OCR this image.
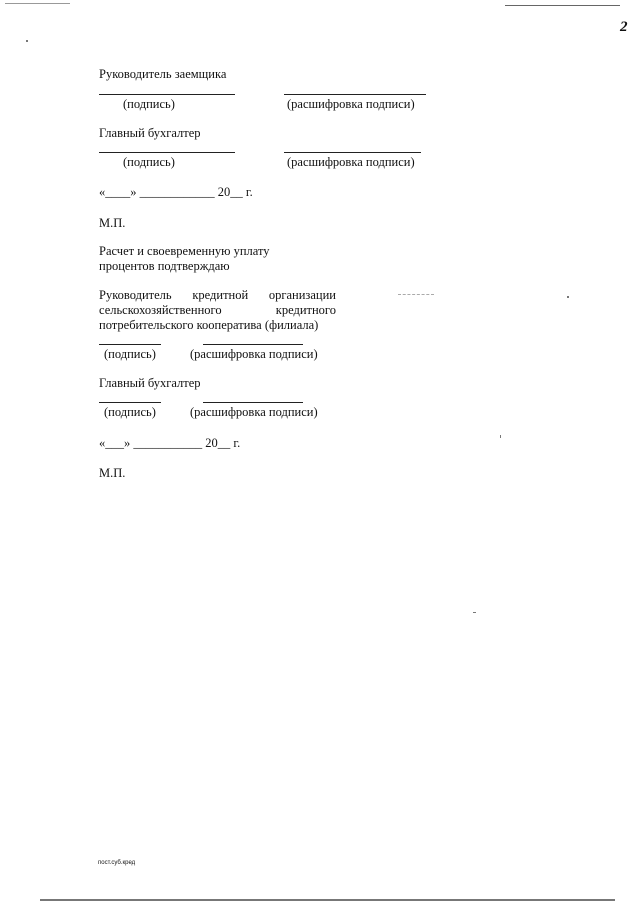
2
Руководитель заемщика
(подпись)	(расшифровка подписи)
Главный бухгалтер
(подпись)	(расшифровка подписи)
«____» ____________ 20__ г.
М.П.
Расчет и своевременную уплату
процентов подтверждаю
Руководитель кредитной организации
сельскохозяйственного кредитного
потребительского кооператива (филиала)
(подпись)	(расшифровка подписи)
Главный бухгалтер
(подпись)	(расшифровка подписи)
«___» ___________ 20__ г.
М.П.
пост.суб.кред
